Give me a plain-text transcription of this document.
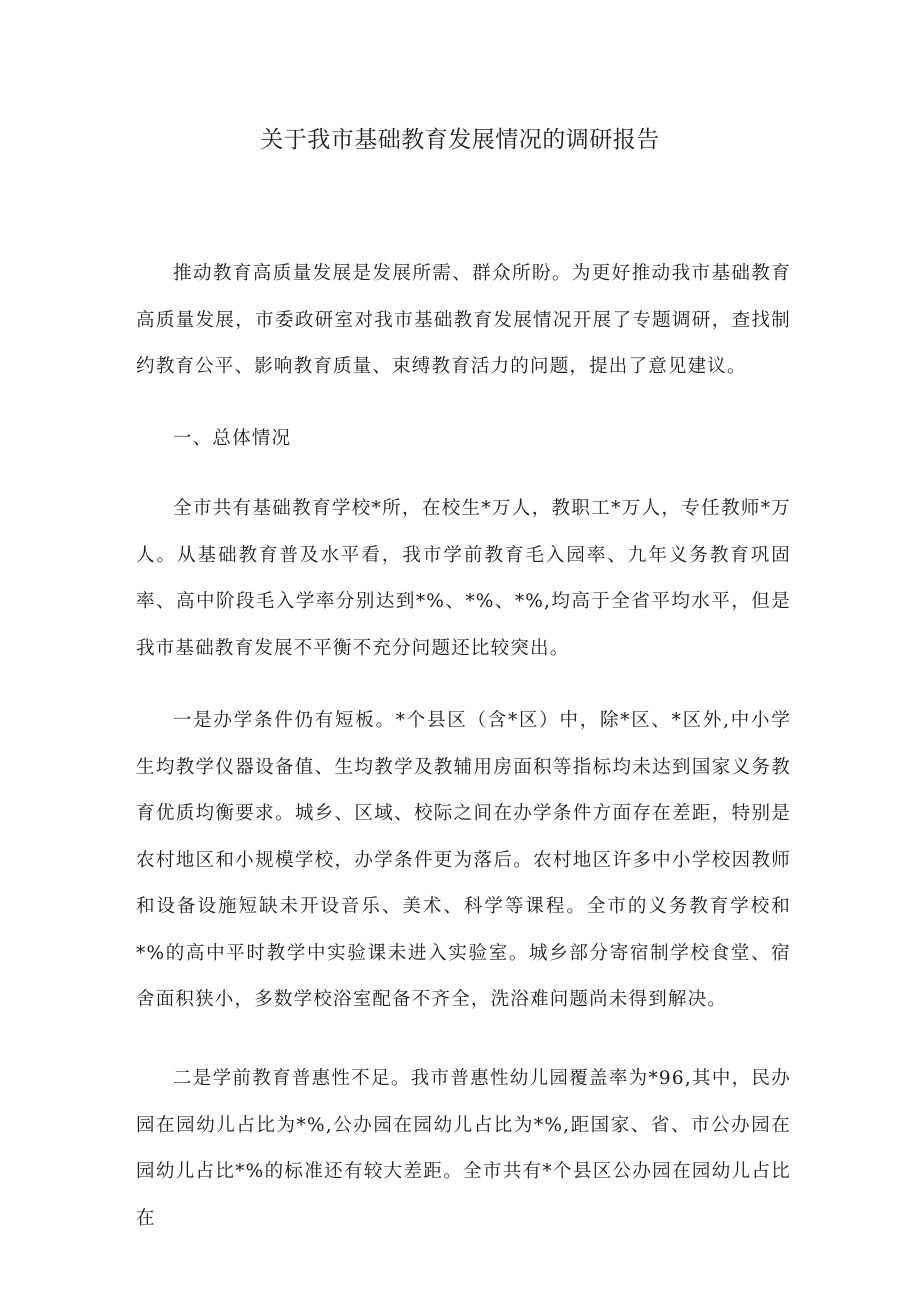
关于我市基础教育发展情况的调研报告

推动教育高质量发展是发展所需、群众所盼。为更好推动我市基础教育高质量发展，市委政研室对我市基础教育发展情况开展了专题调研，查找制约教育公平、影响教育质量、束缚教育活力的问题，提出了意见建议。

一、总体情况

全市共有基础教育学校*所，在校生*万人，教职工*万人，专任教师*万人。从基础教育普及水平看，我市学前教育毛入园率、九年义务教育巩固率、高中阶段毛入学率分别达到*%、*%、*%,均高于全省平均水平，但是我市基础教育发展不平衡不充分问题还比较突出。

一是办学条件仍有短板。*个县区（含*区）中，除*区、*区外,中小学生均教学仪器设备值、生均教学及教辅用房面积等指标均未达到国家义务教育优质均衡要求。城乡、区域、校际之间在办学条件方面存在差距，特别是农村地区和小规模学校，办学条件更为落后。农村地区许多中小学校因教师和设备设施短缺未开设音乐、美术、科学等课程。全市的义务教育学校和*%的高中平时教学中实验课未进入实验室。城乡部分寄宿制学校食堂、宿舍面积狭小，多数学校浴室配备不齐全，洗浴难问题尚未得到解决。

二是学前教育普惠性不足。我市普惠性幼儿园覆盖率为*96,其中，民办园在园幼儿占比为*%,公办园在园幼儿占比为*%,距国家、省、市公办园在园幼儿占比*%的标准还有较大差距。全市共有*个县区公办园在园幼儿占比在
